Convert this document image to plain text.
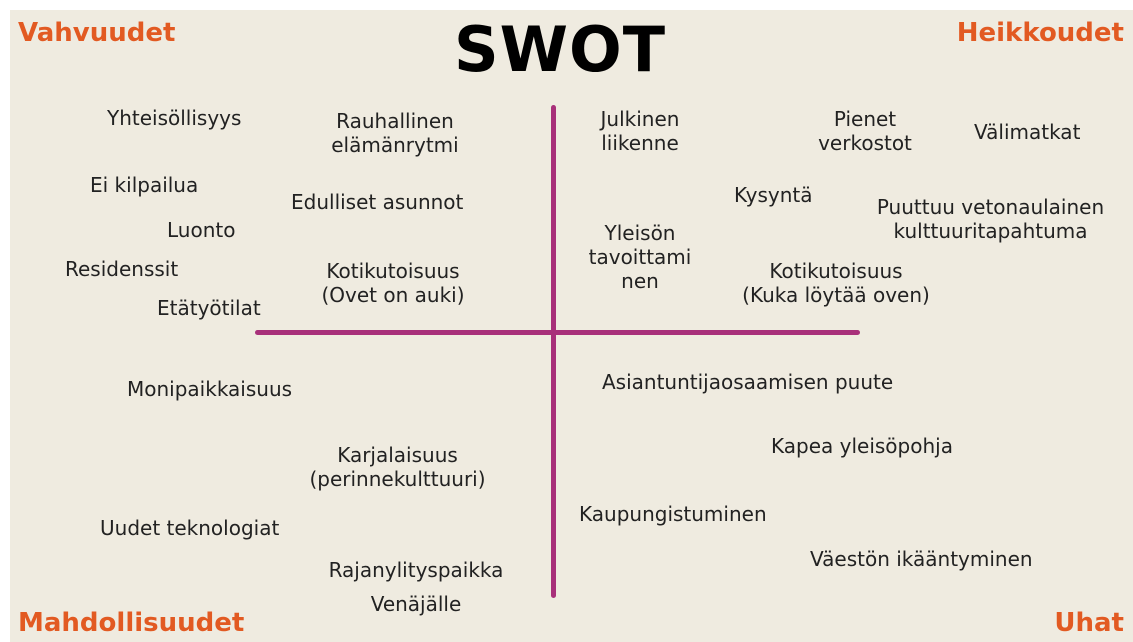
Vahvuudet	Heikkoudet
Mahdollisuudet	Uhat
SWOT
Yhteisöllisyys	Rauhallinen
elämänrytmi
Ei kilpailua
Edulliset asunnot
Luonto
Residenssit	Kotikutoisuus
(Ovet on auki)
Etätyötilat
Julkinen
liikenne
Pienet
verkostot	Välimatkat
Kysyntä	Puuttuu vetonaulainen
kulttuuritapahtuma
Yleisön
tavoittami
nen	Kotikutoisuus
(Kuka löytää oven)
Monipaikkaisuus
Karjalaisuus
(perinnekulttuuri)
Uudet teknologiat
Rajanylityspaikka
Venäjälle
Asiantuntijaosaamisen puute
Kapea yleisöpohja
Kaupungistuminen
Väestön ikääntyminen
